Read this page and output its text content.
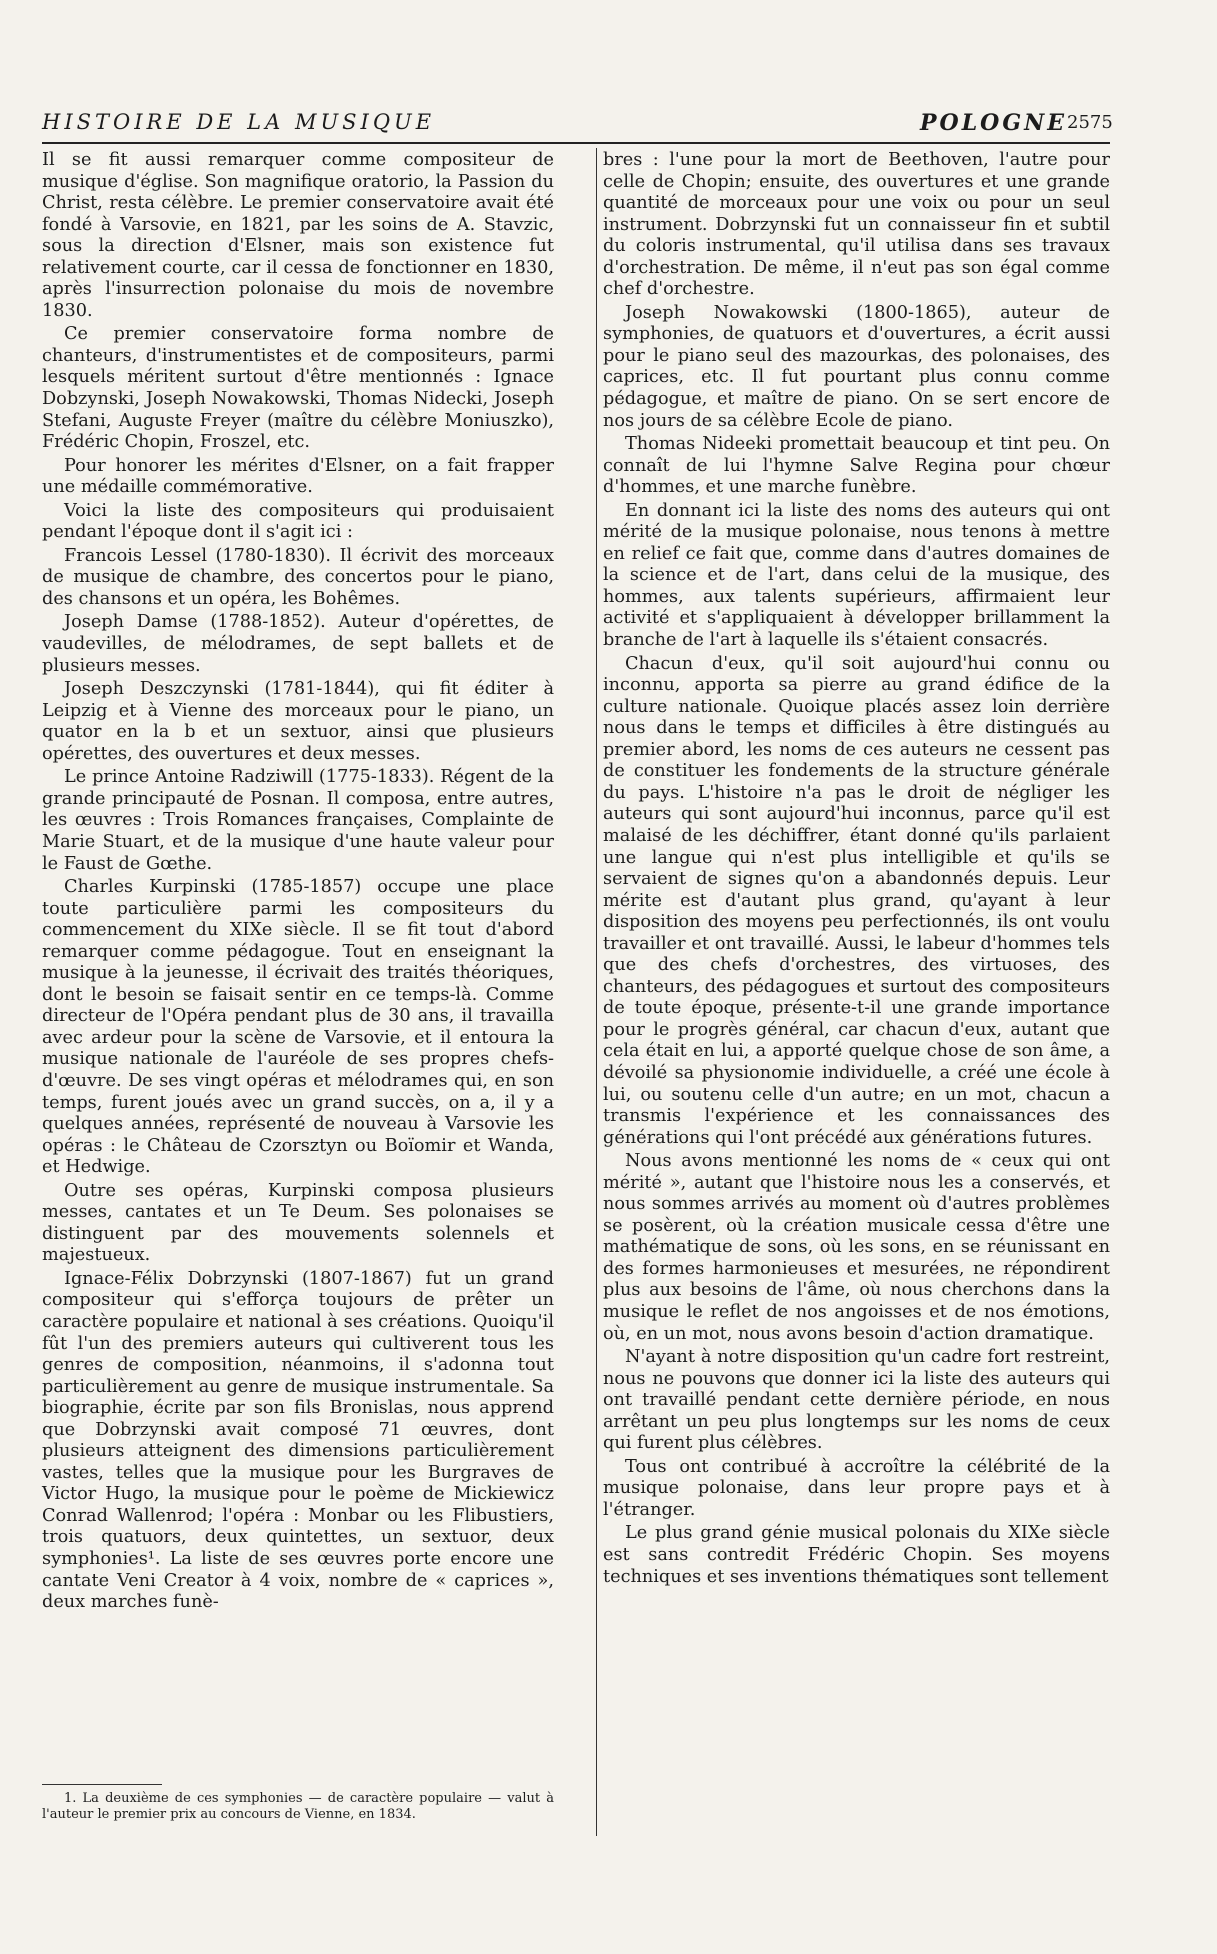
HISTOIRE DE LA MUSIQUE	POLOGNE 2575

Il se fit aussi remarquer comme compositeur de musique d'église. Son magnifique oratorio, la Passion du Christ, resta célèbre. Le premier conservatoire avait été fondé à Varsovie, en 1821, par les soins de A. Stavzic, sous la direction d'Elsner, mais son existence fut relativement courte, car il cessa de fonctionner en 1830, après l'insurrection polonaise du mois de novembre 1830.

Ce premier conservatoire forma nombre de chanteurs, d'instrumentistes et de compositeurs, parmi lesquels méritent surtout d'être mentionnés : Ignace Dobzynski, Joseph Nowakowski, Thomas Nidecki, Joseph Stefani, Auguste Freyer (maître du célèbre Moniuszko), Frédéric Chopin, Froszel, etc.

Pour honorer les mérites d'Elsner, on a fait frapper une médaille commémorative.

Voici la liste des compositeurs qui produisaient pendant l'époque dont il s'agit ici :

Francois Lessel (1780-1830). Il écrivit des morceaux de musique de chambre, des concertos pour le piano, des chansons et un opéra, les Bohêmes.

Joseph Damse (1788-1852). Auteur d'opérettes, de vaudevilles, de mélodrames, de sept ballets et de plusieurs messes.

Joseph Deszczynski (1781-1844), qui fit éditer à Leipzig et à Vienne des morceaux pour le piano, un quator en la b et un sextuor, ainsi que plusieurs opérettes, des ouvertures et deux messes.

Le prince Antoine Radziwill (1775-1833). Régent de la grande principauté de Posnan. Il composa, entre autres, les œuvres : Trois Romances françaises, Complainte de Marie Stuart, et de la musique d'une haute valeur pour le Faust de Gœthe.

Charles Kurpinski (1785-1857) occupe une place toute particulière parmi les compositeurs du commencement du XIXe siècle. Il se fit tout d'abord remarquer comme pédagogue. Tout en enseignant la musique à la jeunesse, il écrivait des traités théoriques, dont le besoin se faisait sentir en ce temps-là. Comme directeur de l'Opéra pendant plus de 30 ans, il travailla avec ardeur pour la scène de Varsovie, et il entoura la musique nationale de l'auréole de ses propres chefs-d'œuvre. De ses vingt opéras et mélodrames qui, en son temps, furent joués avec un grand succès, on a, il y a quelques années, représenté de nouveau à Varsovie les opéras : le Château de Czorsztyn ou Boïomir et Wanda, et Hedwige.

Outre ses opéras, Kurpinski composa plusieurs messes, cantates et un Te Deum. Ses polonaises se distinguent par des mouvements solennels et majestueux.

Ignace-Félix Dobrzynski (1807-1867) fut un grand compositeur qui s'efforça toujours de prêter un caractère populaire et national à ses créations. Quoiqu'il fût l'un des premiers auteurs qui cultiverent tous les genres de composition, néanmoins, il s'adonna tout particulièrement au genre de musique instrumentale. Sa biographie, écrite par son fils Bronislas, nous apprend que Dobrzynski avait composé 71 œuvres, dont plusieurs atteignent des dimensions particulièrement vastes, telles que la musique pour les Burgraves de Victor Hugo, la musique pour le poème de Mickiewicz Conrad Wallenrod; l'opéra : Monbar ou les Flibustiers, trois quatuors, deux quintettes, un sextuor, deux symphonies¹. La liste de ses œuvres porte encore une cantate Veni Creator à 4 voix, nombre de « caprices », deux marches funè-

bres : l'une pour la mort de Beethoven, l'autre pour celle de Chopin; ensuite, des ouvertures et une grande quantité de morceaux pour une voix ou pour un seul instrument. Dobrzynski fut un connaisseur fin et subtil du coloris instrumental, qu'il utilisa dans ses travaux d'orchestration. De même, il n'eut pas son égal comme chef d'orchestre.

Joseph Nowakowski (1800-1865), auteur de symphonies, de quatuors et d'ouvertures, a écrit aussi pour le piano seul des mazourkas, des polonaises, des caprices, etc. Il fut pourtant plus connu comme pédagogue, et maître de piano. On se sert encore de nos jours de sa célèbre Ecole de piano.

Thomas Nideeki promettait beaucoup et tint peu. On connaît de lui l'hymne Salve Regina pour chœur d'hommes, et une marche funèbre.

En donnant ici la liste des noms des auteurs qui ont mérité de la musique polonaise, nous tenons à mettre en relief ce fait que, comme dans d'autres domaines de la science et de l'art, dans celui de la musique, des hommes, aux talents supérieurs, affirmaient leur activité et s'appliquaient à développer brillamment la branche de l'art à laquelle ils s'étaient consacrés.

Chacun d'eux, qu'il soit aujourd'hui connu ou inconnu, apporta sa pierre au grand édifice de la culture nationale. Quoique placés assez loin derrière nous dans le temps et difficiles à être distingués au premier abord, les noms de ces auteurs ne cessent pas de constituer les fondements de la structure générale du pays. L'histoire n'a pas le droit de négliger les auteurs qui sont aujourd'hui inconnus, parce qu'il est malaisé de les déchiffrer, étant donné qu'ils parlaient une langue qui n'est plus intelligible et qu'ils se servaient de signes qu'on a abandonnés depuis. Leur mérite est d'autant plus grand, qu'ayant à leur disposition des moyens peu perfectionnés, ils ont voulu travailler et ont travaillé. Aussi, le labeur d'hommes tels que des chefs d'orchestres, des virtuoses, des chanteurs, des pédagogues et surtout des compositeurs de toute époque, présente-t-il une grande importance pour le progrès général, car chacun d'eux, autant que cela était en lui, a apporté quelque chose de son âme, a dévoilé sa physionomie individuelle, a créé une école à lui, ou soutenu celle d'un autre; en un mot, chacun a transmis l'expérience et les connaissances des générations qui l'ont précédé aux générations futures.

Nous avons mentionné les noms de « ceux qui ont mérité », autant que l'histoire nous les a conservés, et nous sommes arrivés au moment où d'autres problèmes se posèrent, où la création musicale cessa d'être une mathématique de sons, où les sons, en se réunissant en des formes harmonieuses et mesurées, ne répondirent plus aux besoins de l'âme, où nous cherchons dans la musique le reflet de nos angoisses et de nos émotions, où, en un mot, nous avons besoin d'action dramatique.

N'ayant à notre disposition qu'un cadre fort restreint, nous ne pouvons que donner ici la liste des auteurs qui ont travaillé pendant cette dernière période, en nous arrêtant un peu plus longtemps sur les noms de ceux qui furent plus célèbres.

Tous ont contribué à accroître la célébrité de la musique polonaise, dans leur propre pays et à l'étranger.

Le plus grand génie musical polonais du XIXe siècle est sans contredit Frédéric Chopin. Ses moyens techniques et ses inventions thématiques sont tellement

1. La deuxième de ces symphonies — de caractère populaire — valut à l'auteur le premier prix au concours de Vienne, en 1834.
